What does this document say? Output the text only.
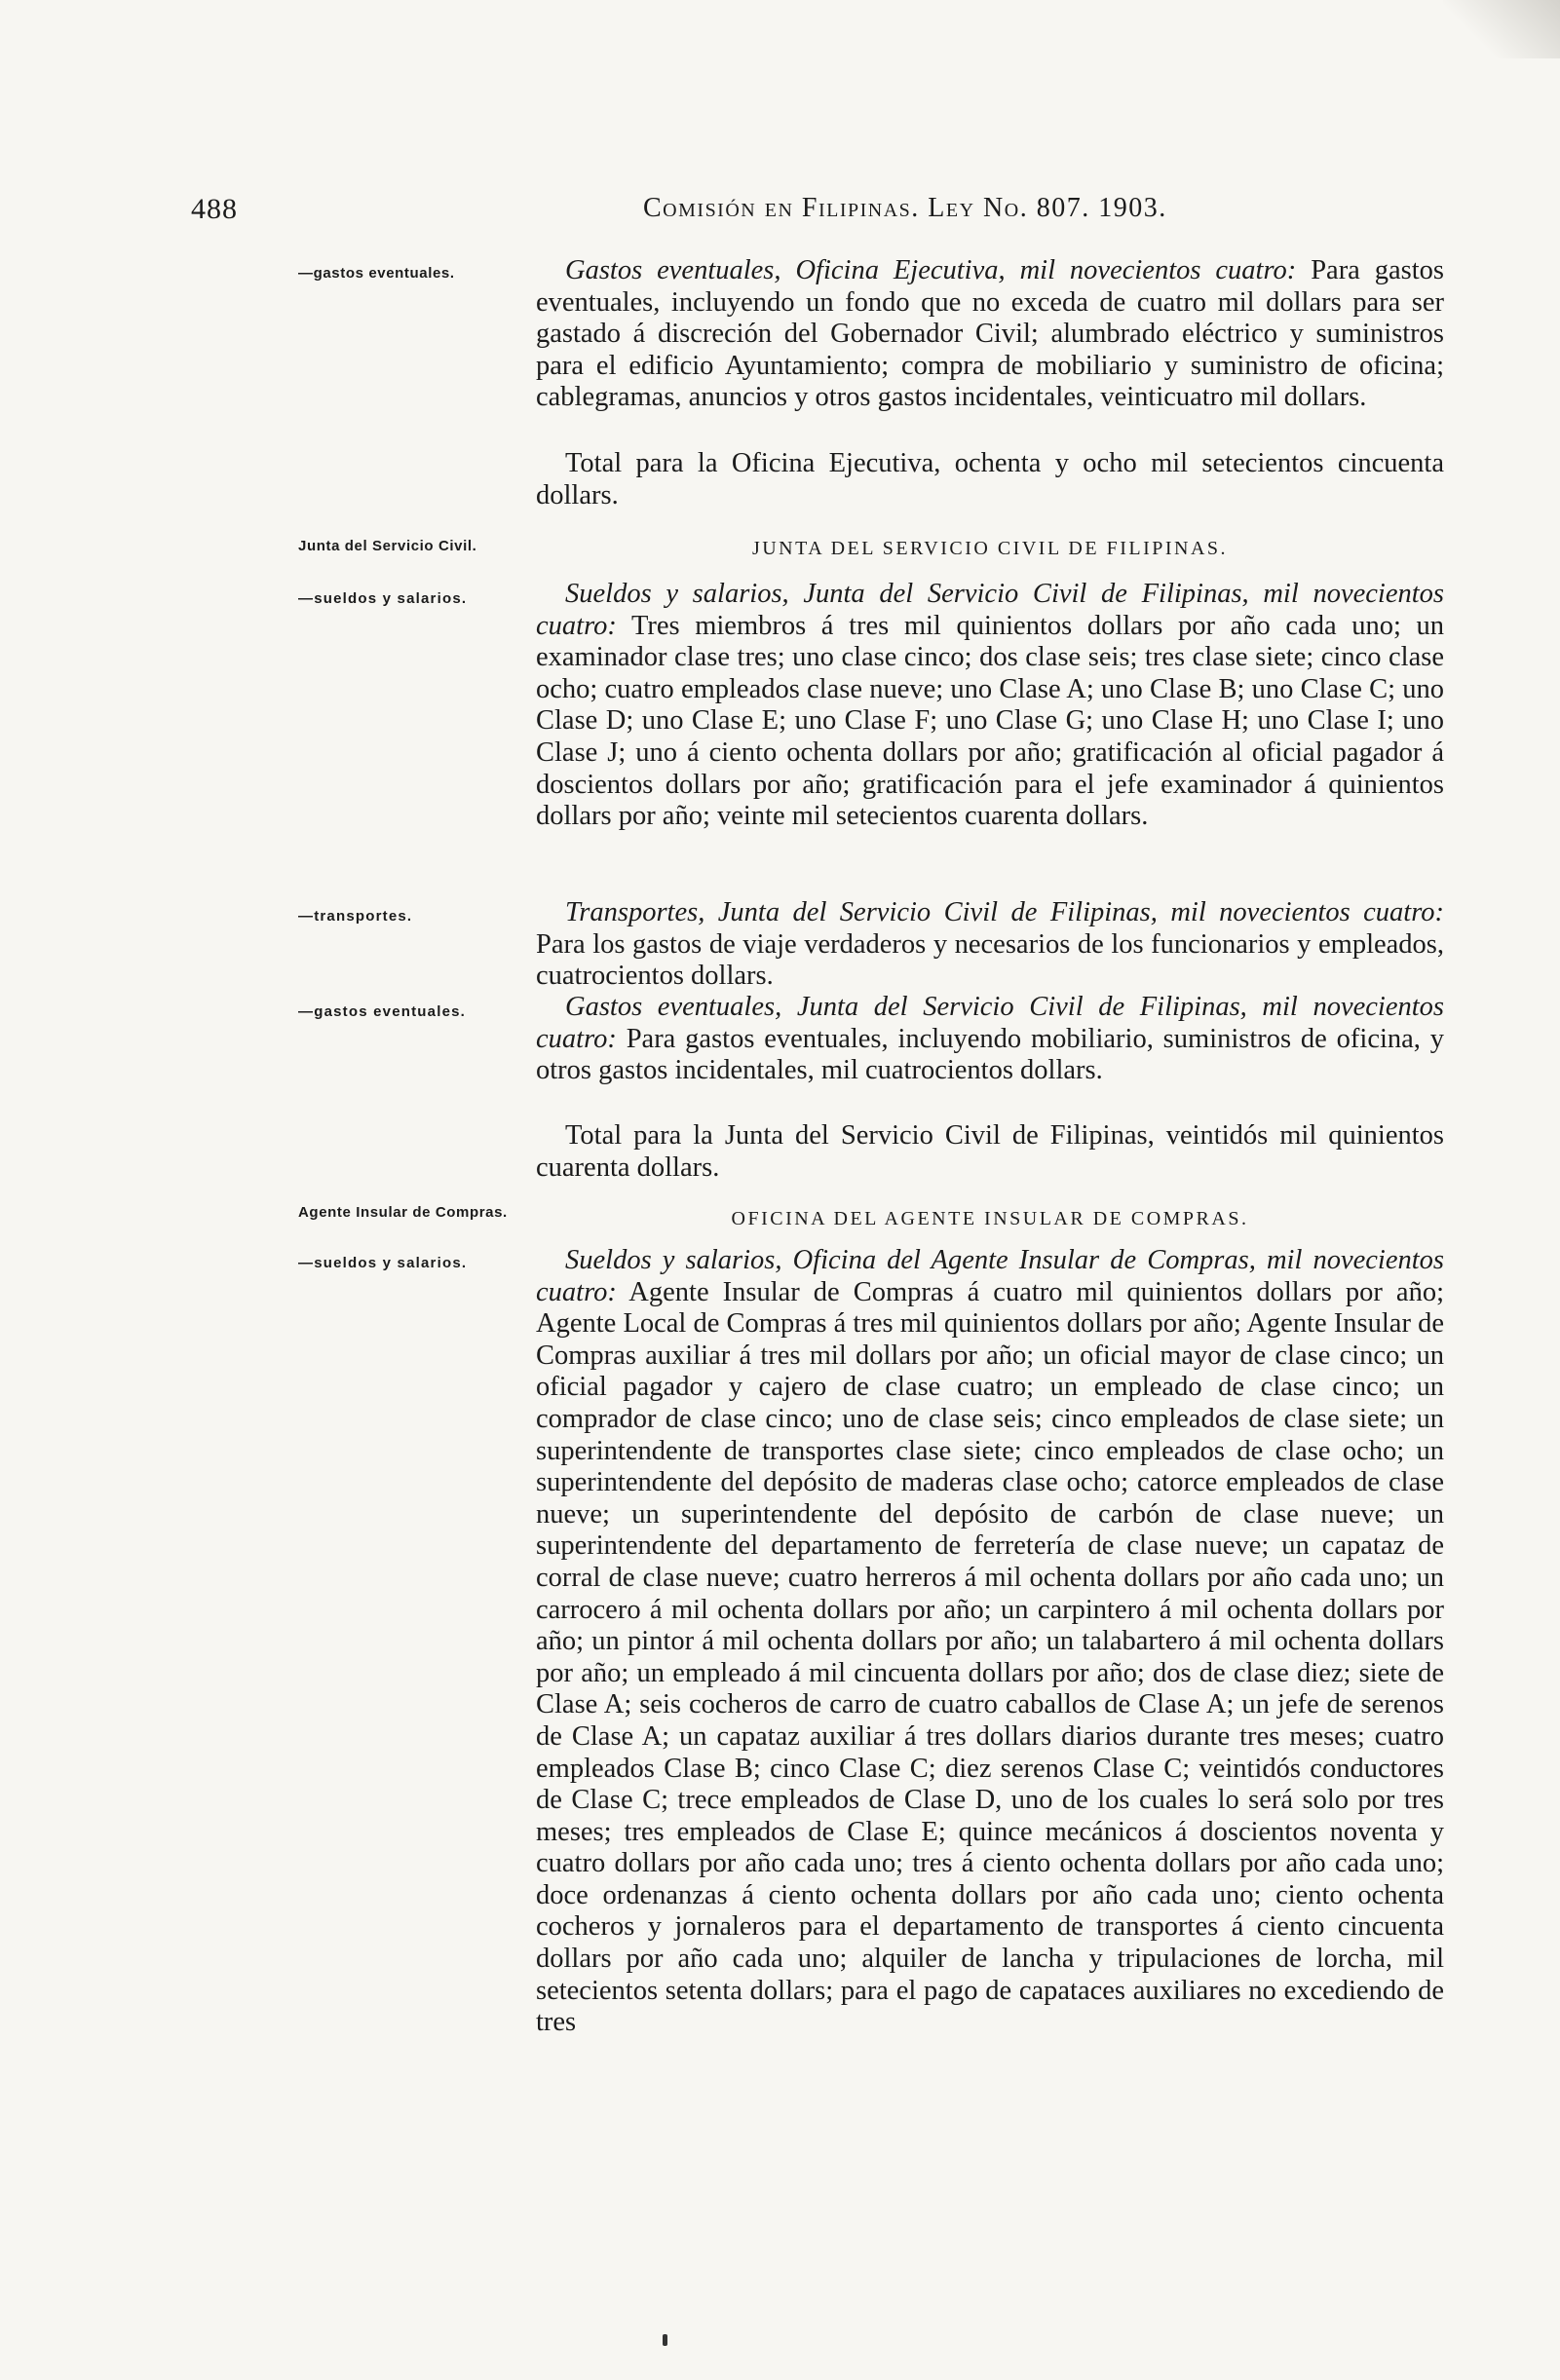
488	Comisión en Filipinas. Ley No. 807. 1903.
—gastos eventuales.	Gastos eventuales, Oficina Ejecutiva, mil novecientos cuatro: Para gastos eventuales, incluyendo un fondo que no exceda de cuatro mil dollars para ser gastado á discreción del Gobernador Civil; alumbrado eléctrico y suministros para el edificio Ayuntamiento; compra de mobiliario y suministro de oficina; cablegramas, anuncios y otros gastos incidentales, veinticuatro mil dollars.
Total para la Oficina Ejecutiva, ochenta y ocho mil setecientos cincuenta dollars.
Junta del Servicio Civil.	JUNTA DEL SERVICIO CIVIL DE FILIPINAS.
—sueldos y salarios.	Sueldos y salarios, Junta del Servicio Civil de Filipinas, mil novecientos cuatro: Tres miembros á tres mil quinientos dollars por año cada uno; un examinador clase tres; uno clase cinco; dos clase seis; tres clase siete; cinco clase ocho; cuatro empleados clase nueve; uno Clase A; uno Clase B; uno Clase C; uno Clase D; uno Clase E; uno Clase F; uno Clase G; uno Clase H; uno Clase I; uno Clase J; uno á ciento ochenta dollars por año; gratificación al oficial pagador á doscientos dollars por año; gratificación para el jefe examinador á quinientos dollars por año; veinte mil setecientos cuarenta dollars.
—transportes.	Transportes, Junta del Servicio Civil de Filipinas, mil novecientos cuatro: Para los gastos de viaje verdaderos y necesarios de los funcionarios y empleados, cuatrocientos dollars.
—gastos eventuales.	Gastos eventuales, Junta del Servicio Civil de Filipinas, mil novecientos cuatro: Para gastos eventuales, incluyendo mobiliario, suministros de oficina, y otros gastos incidentales, mil cuatrocientos dollars.
Total para la Junta del Servicio Civil de Filipinas, veintidós mil quinientos cuarenta dollars.
Agente Insular de Compras.	OFICINA DEL AGENTE INSULAR DE COMPRAS.
—sueldos y salarios.	Sueldos y salarios, Oficina del Agente Insular de Compras, mil novecientos cuatro: Agente Insular de Compras á cuatro mil quinientos dollars por año; Agente Local de Compras á tres mil quinientos dollars por año; Agente Insular de Compras auxiliar á tres mil dollars por año; un oficial mayor de clase cinco; un oficial pagador y cajero de clase cuatro; un empleado de clase cinco; un comprador de clase cinco; uno de clase seis; cinco empleados de clase siete; un superintendente de transportes clase siete; cinco empleados de clase ocho; un superintendente del depósito de maderas clase ocho; catorce empleados de clase nueve; un superintendente del depósito de carbón de clase nueve; un superintendente del departamento de ferretería de clase nueve; un capataz de corral de clase nueve; cuatro herreros á mil ochenta dollars por año cada uno; un carrocero á mil ochenta dollars por año; un carpintero á mil ochenta dollars por año; un pintor á mil ochenta dollars por año; un talabartero á mil ochenta dollars por año; un empleado á mil cincuenta dollars por año; dos de clase diez; siete de Clase A; seis cocheros de carro de cuatro caballos de Clase A; un jefe de serenos de Clase A; un capataz auxiliar á tres dollars diarios durante tres meses; cuatro empleados Clase B; cinco Clase C; diez serenos Clase C; veintidós conductores de Clase C; trece empleados de Clase D, uno de los cuales lo será solo por tres meses; tres empleados de Clase E; quince mecánicos á doscientos noventa y cuatro dollars por año cada uno; tres á ciento ochenta dollars por año cada uno; doce ordenanzas á ciento ochenta dollars por año cada uno; ciento ochenta cocheros y jornaleros para el departamento de transportes á ciento cincuenta dollars por año cada uno; alquiler de lancha y tripulaciones de lorcha, mil setecientos setenta dollars; para el pago de capataces auxiliares no excediendo de tres
